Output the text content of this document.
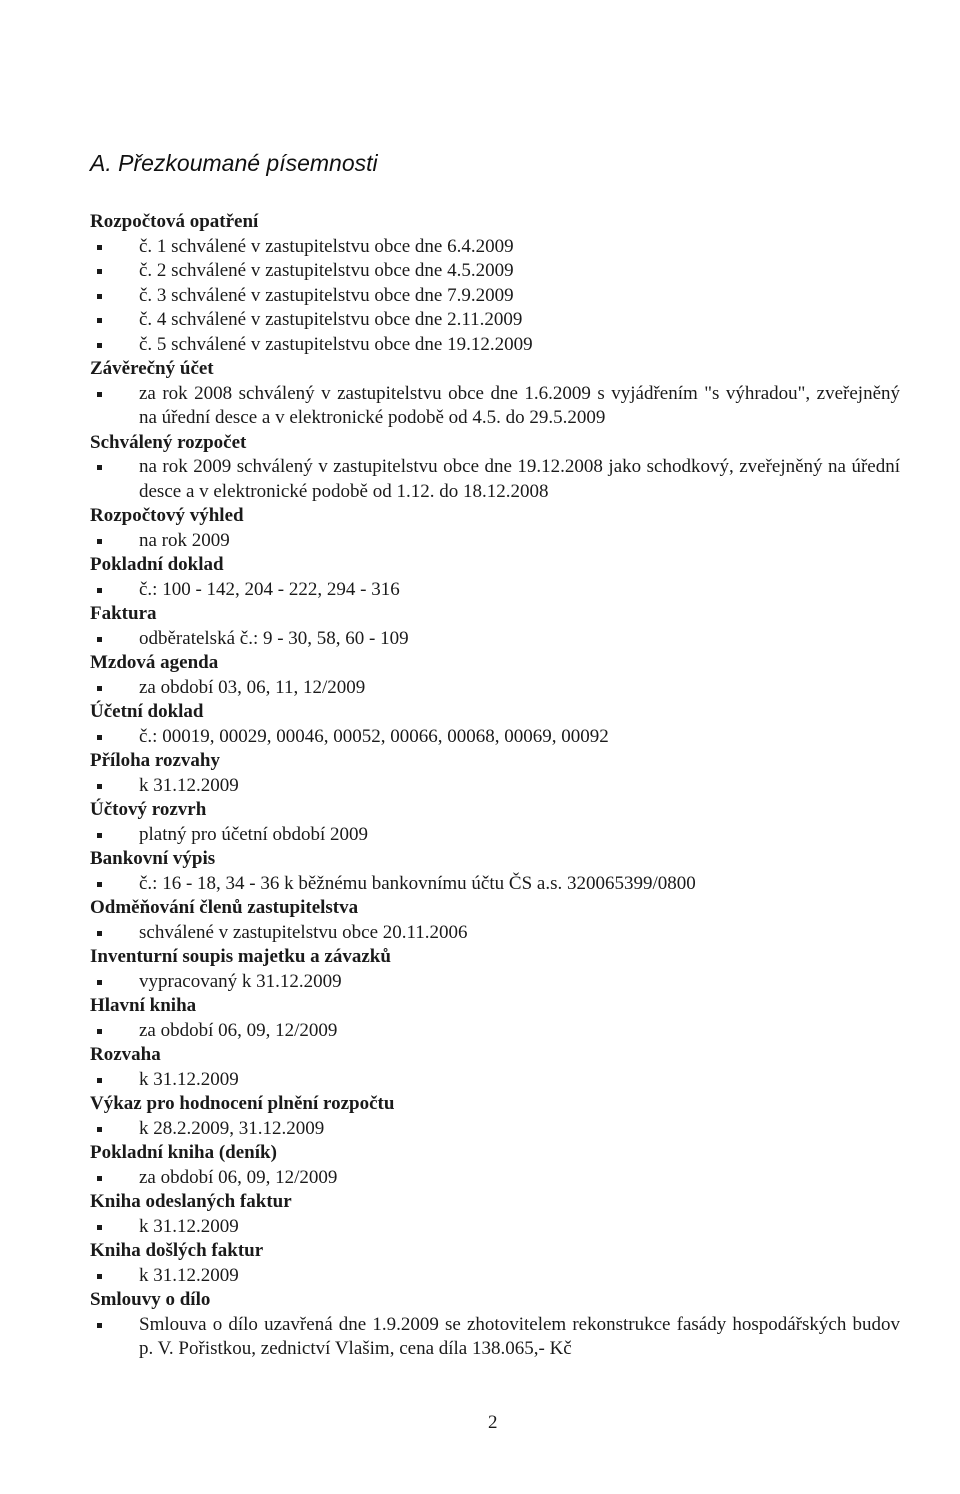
A. Přezkoumané písemnosti
Rozpočtová opatření
č. 1 schválené v zastupitelstvu obce dne 6.4.2009
č. 2 schválené v zastupitelstvu obce dne 4.5.2009
č. 3 schválené v zastupitelstvu obce dne 7.9.2009
č. 4 schválené v zastupitelstvu obce dne 2.11.2009
č. 5 schválené v zastupitelstvu obce dne 19.12.2009
Závěrečný účet
za rok 2008 schválený v zastupitelstvu obce dne 1.6.2009 s vyjádřením "s výhradou", zveřejněný na úřední desce a v elektronické podobě od 4.5. do 29.5.2009
Schválený rozpočet
na rok 2009 schválený v zastupitelstvu obce dne 19.12.2008 jako schodkový, zveřejněný na úřední desce a v elektronické podobě od 1.12. do 18.12.2008
Rozpočtový výhled
na rok 2009
Pokladní doklad
č.: 100 - 142, 204 - 222, 294 - 316
Faktura
odběratelská č.: 9 - 30, 58, 60 - 109
Mzdová agenda
za období 03, 06, 11, 12/2009
Účetní doklad
č.: 00019, 00029, 00046, 00052, 00066, 00068, 00069, 00092
Příloha rozvahy
k 31.12.2009
Účtový rozvrh
platný pro účetní období 2009
Bankovní výpis
č.: 16 - 18, 34 - 36 k běžnému bankovnímu účtu ČS a.s. 320065399/0800
Odměňování členů zastupitelstva
schválené v zastupitelstvu obce 20.11.2006
Inventurní soupis majetku a závazků
vypracovaný k 31.12.2009
Hlavní kniha
za období 06, 09, 12/2009
Rozvaha
k 31.12.2009
Výkaz pro hodnocení plnění rozpočtu
k 28.2.2009, 31.12.2009
Pokladní kniha (deník)
za období 06, 09, 12/2009
Kniha odeslaných faktur
k 31.12.2009
Kniha došlých faktur
k 31.12.2009
Smlouvy o dílo
Smlouva o dílo uzavřená dne 1.9.2009 se zhotovitelem rekonstrukce fasády hospodářských budov p. V. Pořistkou, zednictví Vlašim, cena díla 138.065,- Kč
2
